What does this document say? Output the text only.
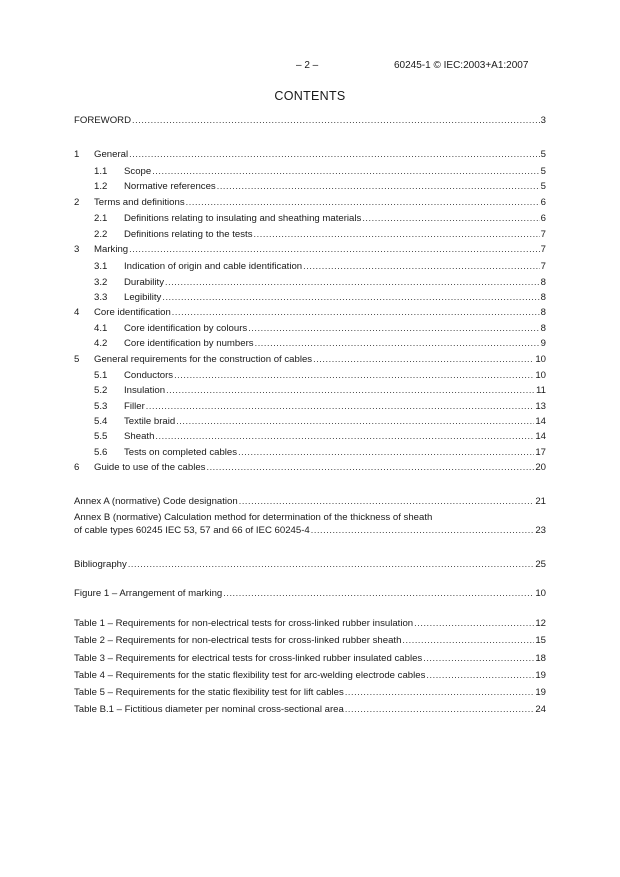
– 2 –	60245-1 © IEC:2003+A1:2007
CONTENTS
FOREWORD .....	3
1	General .....	5
1.1	Scope .....	5
1.2	Normative references .....	5
2	Terms and definitions .....	6
2.1	Definitions relating to insulating and sheathing materials .....	6
2.2	Definitions relating to the tests .....	7
3	Marking .....	7
3.1	Indication of origin and cable identification .....	7
3.2	Durability .....	8
3.3	Legibility .....	8
4	Core identification .....	8
4.1	Core identification by colours .....	8
4.2	Core identification by numbers .....	9
5	General requirements for the construction of cables .....	10
5.1	Conductors .....	10
5.2	Insulation .....	11
5.3	Filler .....	13
5.4	Textile braid .....	14
5.5	Sheath .....	14
5.6	Tests on completed cables .....	17
6	Guide to use of the cables .....	20
Annex A (normative) Code designation .....	21
Annex B (normative) Calculation method for determination of the thickness of sheath
of cable types 60245 IEC 53, 57 and 66 of IEC 60245-4 .....	23
Bibliography .....	25
Figure 1 – Arrangement of marking .....	10
Table 1 – Requirements for non-electrical tests for cross-linked rubber insulation .....	12
Table 2 – Requirements for non-electrical tests for cross-linked rubber sheath .....	15
Table 3 – Requirements for electrical tests for cross-linked rubber insulated cables .....	18
Table 4 – Requirements for the static flexibility test for arc-welding electrode cables .....	19
Table 5 – Requirements for the static flexibility test for lift cables .....	19
Table B.1 – Fictitious diameter per nominal cross-sectional area .....	24
